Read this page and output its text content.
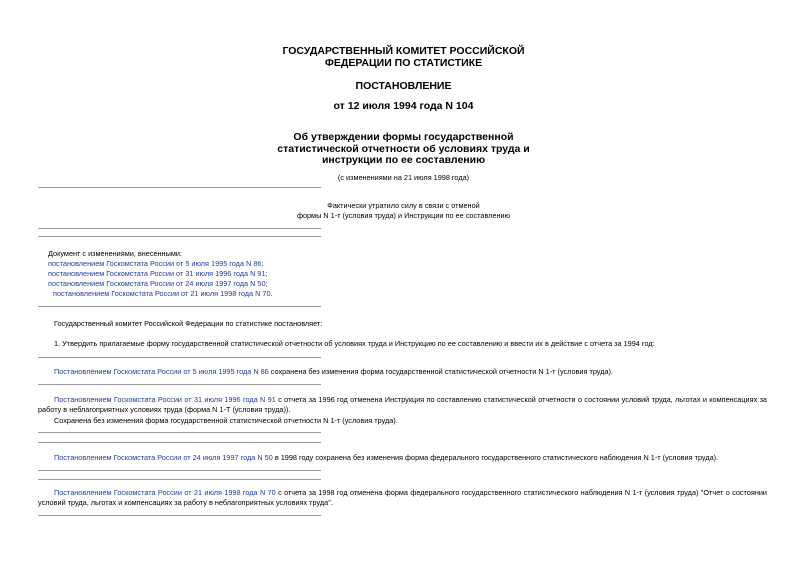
ГОСУДАРСТВЕННЫЙ КОМИТЕТ РОССИЙСКОЙ
ФЕДЕРАЦИИ ПО СТАТИСТИКЕ
ПОСТАНОВЛЕНИЕ
от 12 июля 1994 года N 104
Об утверждении формы государственной
статистической отчетности об условиях труда и
инструкции по ее составлению
(с изменениями на 21 июля 1998 года)
Фактически утратило силу в связи с отменой
формы N 1-т (условия труда) и Инструкции по ее составлению
Документ с изменениями, внесенными:
постановлением Госкомстата России от 5 июля 1995 года N 86;
постановлением Госкомстата России от 31 июля 1996 года N 91;
постановлением Госкомстата России от 24 июля 1997 года N 50;
постановлением Госкомстата России от 21 июля 1998 года N 70.
Государственный комитет Российской Федерации по статистике постановляет:
1. Утвердить прилагаемые форму государственной статистической отчетности об условиях труда и Инструкцию по ее составлению и ввести их в действие с отчета за 1994 год:
Постановлением Госкомстата России от 5 июля 1995 года N 86 сохранена без изменения форма государственной статистической отчетности N 1-т (условия труда).
Постановлением Госкомстата России от 31 июля 1996 года N 91 с отчета за 1996 год отменена Инструкция по составлению статистической отчетности о состоянии условий труда, льготах и компенсациях за работу в неблагоприятных условиях труда (форма N 1-Т (условия труда)).
Сохранена без изменения форма государственной статистической отчетности N 1-т (условия труда).
Постановлением Госкомстата России от 24 июля 1997 года N 50 в 1998 году сохранена без изменения форма федерального государственного статистического наблюдения N 1-т (условия труда).
Постановлением Госкомстата России от 21 июля 1998 года N 70 с отчета за 1998 год отменена форма федерального государственного статистического наблюдения N 1-т (условия труда) "Отчет о состоянии условий труда, льготах и компенсациях за работу в неблагоприятных условиях труда".
